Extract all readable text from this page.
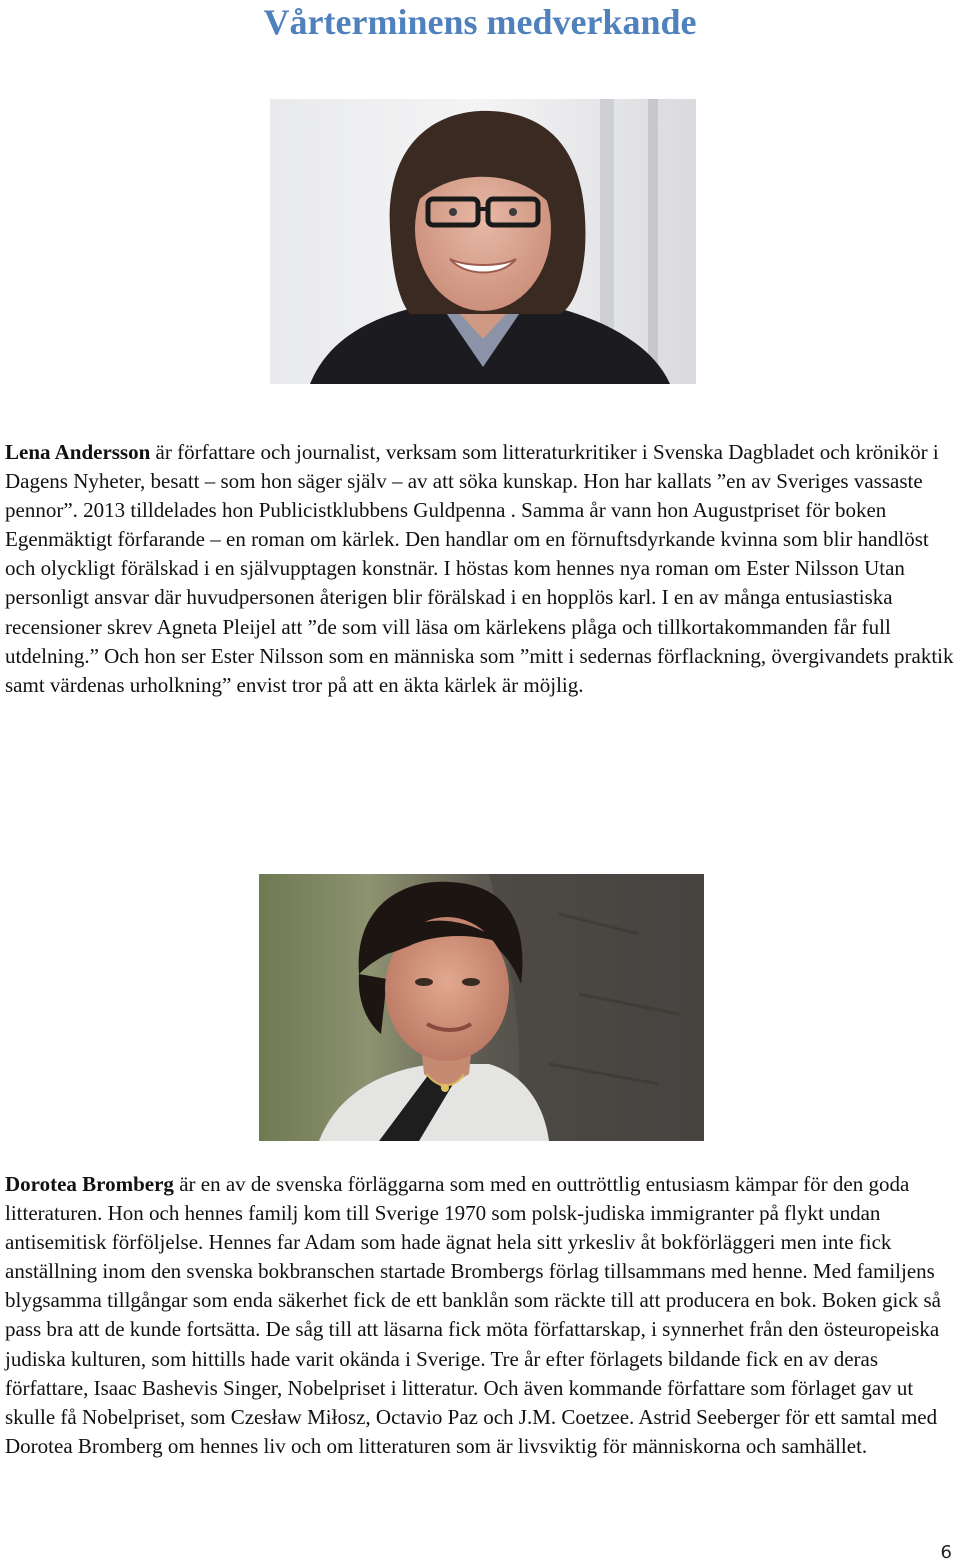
Vårterminens medverkande

Lena Andersson är författare och journalist, verksam som litteraturkritiker i Svenska Dagbladet och krönikör i Dagens Nyheter, besatt – som hon säger själv – av att söka kunskap. Hon har kallats ”en av Sveriges vassaste pennor”. 2013 tilldelades hon Publicistklubbens Guldpenna . Samma år vann hon Augustpriset för boken Egenmäktigt förfarande – en roman om kärlek. Den handlar om en förnuftsdyrkande kvinna som blir handlöst och olyckligt förälskad i en självupptagen konstnär. I höstas kom hennes nya roman om Ester Nilsson Utan personligt ansvar där huvudpersonen återigen blir förälskad i en hopplös karl. I en av många entusiastiska recensioner skrev Agneta Pleijel att ”de som vill läsa om kärlekens plåga och tillkortakommanden får full utdelning.” Och hon ser Ester Nilsson som en människa som ”mitt i sedernas förflackning, övergivandets praktik samt värdenas urholkning” envist tror på att en äkta kärlek är möjlig.

Dorotea Bromberg är en av de svenska förläggarna som med en outtröttlig entusiasm kämpar för den goda litteraturen. Hon och hennes familj kom till Sverige 1970 som polsk-judiska immigranter på flykt undan antisemitisk förföljelse. Hennes far Adam som hade ägnat hela sitt yrkesliv åt bokförläggeri men inte fick anställning inom den svenska bokbranschen startade Brombergs förlag tillsammans med henne. Med familjens blygsamma tillgångar som enda säkerhet fick de ett banklån som räckte till att producera en bok. Boken gick så pass bra att de kunde fortsätta. De såg till att läsarna fick möta författarskap, i synnerhet från den östeuropeiska judiska kulturen, som hittills hade varit okända i Sverige. Tre år efter förlagets bildande fick en av deras författare, Isaac Bashevis Singer, Nobelpriset i litteratur. Och även kommande författare som förlaget gav ut skulle få Nobelpriset, som Czesław Miłosz, Octavio Paz och J.M. Coetzee. Astrid Seeberger för ett samtal med Dorotea Bromberg om hennes liv och om litteraturen som är livsviktig för människorna och samhället.

6
